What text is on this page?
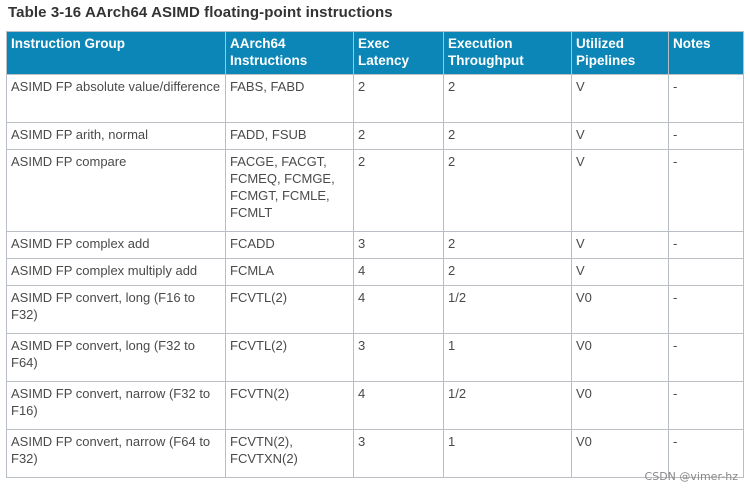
Table 3-16 AArch64 ASIMD floating-point instructions
Instruction Group	AArch64 Instructions	Exec Latency	Execution Throughput	Utilized Pipelines	Notes
ASIMD FP absolute value/difference	FABS, FABD	2	2	V	-
ASIMD FP arith, normal	FADD, FSUB	2	2	V	-
ASIMD FP compare	FACGE, FACGT, FCMEQ, FCMGE, FCMGT, FCMLE, FCMLT	2	2	V	-
ASIMD FP complex add	FCADD	3	2	V	-
ASIMD FP complex multiply add	FCMLA	4	2	V	
ASIMD FP convert, long (F16 to F32)	FCVTL(2)	4	1/2	V0	-
ASIMD FP convert, long (F32 to F64)	FCVTL(2)	3	1	V0	-
ASIMD FP convert, narrow (F32 to F16)	FCVTN(2)	4	1/2	V0	-
ASIMD FP convert, narrow (F64 to F32)	FCVTN(2), FCVTXN(2)	3	1	V0	-
CSDN @vimer-hz
